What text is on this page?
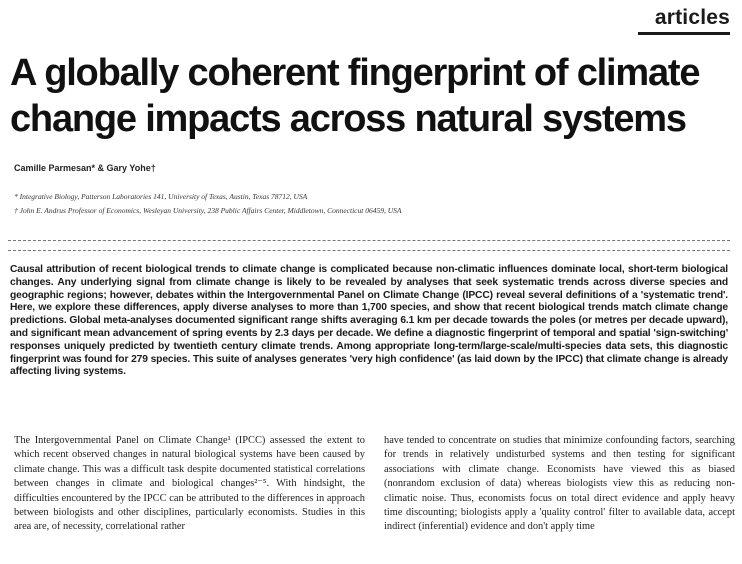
articles
A globally coherent fingerprint of climate
change impacts across natural systems
Camille Parmesan* & Gary Yohe†
* Integrative Biology, Patterson Laboratories 141, University of Texas, Austin, Texas 78712, USA
† John E. Andrus Professor of Economics, Wesleyan University, 238 Public Affairs Center, Middletown, Connecticut 06459, USA

Causal attribution of recent biological trends to climate change is complicated because non-climatic influences dominate local, short-term biological changes. Any underlying signal from climate change is likely to be revealed by analyses that seek systematic trends across diverse species and geographic regions; however, debates within the Intergovernmental Panel on Climate Change (IPCC) reveal several definitions of a 'systematic trend'. Here, we explore these differences, apply diverse analyses to more than 1,700 species, and show that recent biological trends match climate change predictions. Global meta-analyses documented significant range shifts averaging 6.1 km per decade towards the poles (or metres per decade upward), and significant mean advancement of spring events by 2.3 days per decade. We define a diagnostic fingerprint of temporal and spatial 'sign-switching' responses uniquely predicted by twentieth century climate trends. Among appropriate long-term/large-scale/multi-species data sets, this diagnostic fingerprint was found for 279 species. This suite of analyses generates 'very high confidence' (as laid down by the IPCC) that climate change is already affecting living systems.

The Intergovernmental Panel on Climate Change¹ (IPCC) assessed the extent to which recent observed changes in natural biological systems have been caused by climate change. This was a difficult task despite documented statistical correlations between changes in climate and biological changes²⁻⁵. With hindsight, the difficulties encountered by the IPCC can be attributed to the differences in approach between biologists and other disciplines, particularly economists. Studies in this area are, of necessity, correlational rather

have tended to concentrate on studies that minimize confounding factors, searching for trends in relatively undisturbed systems and then testing for significant associations with climate change. Economists have viewed this as biased (nonrandom exclusion of data) whereas biologists view this as reducing non-climatic noise. Thus, economists focus on total direct evidence and apply heavy time discounting; biologists apply a 'quality control' filter to available data, accept indirect (inferential) evidence and don't apply time
